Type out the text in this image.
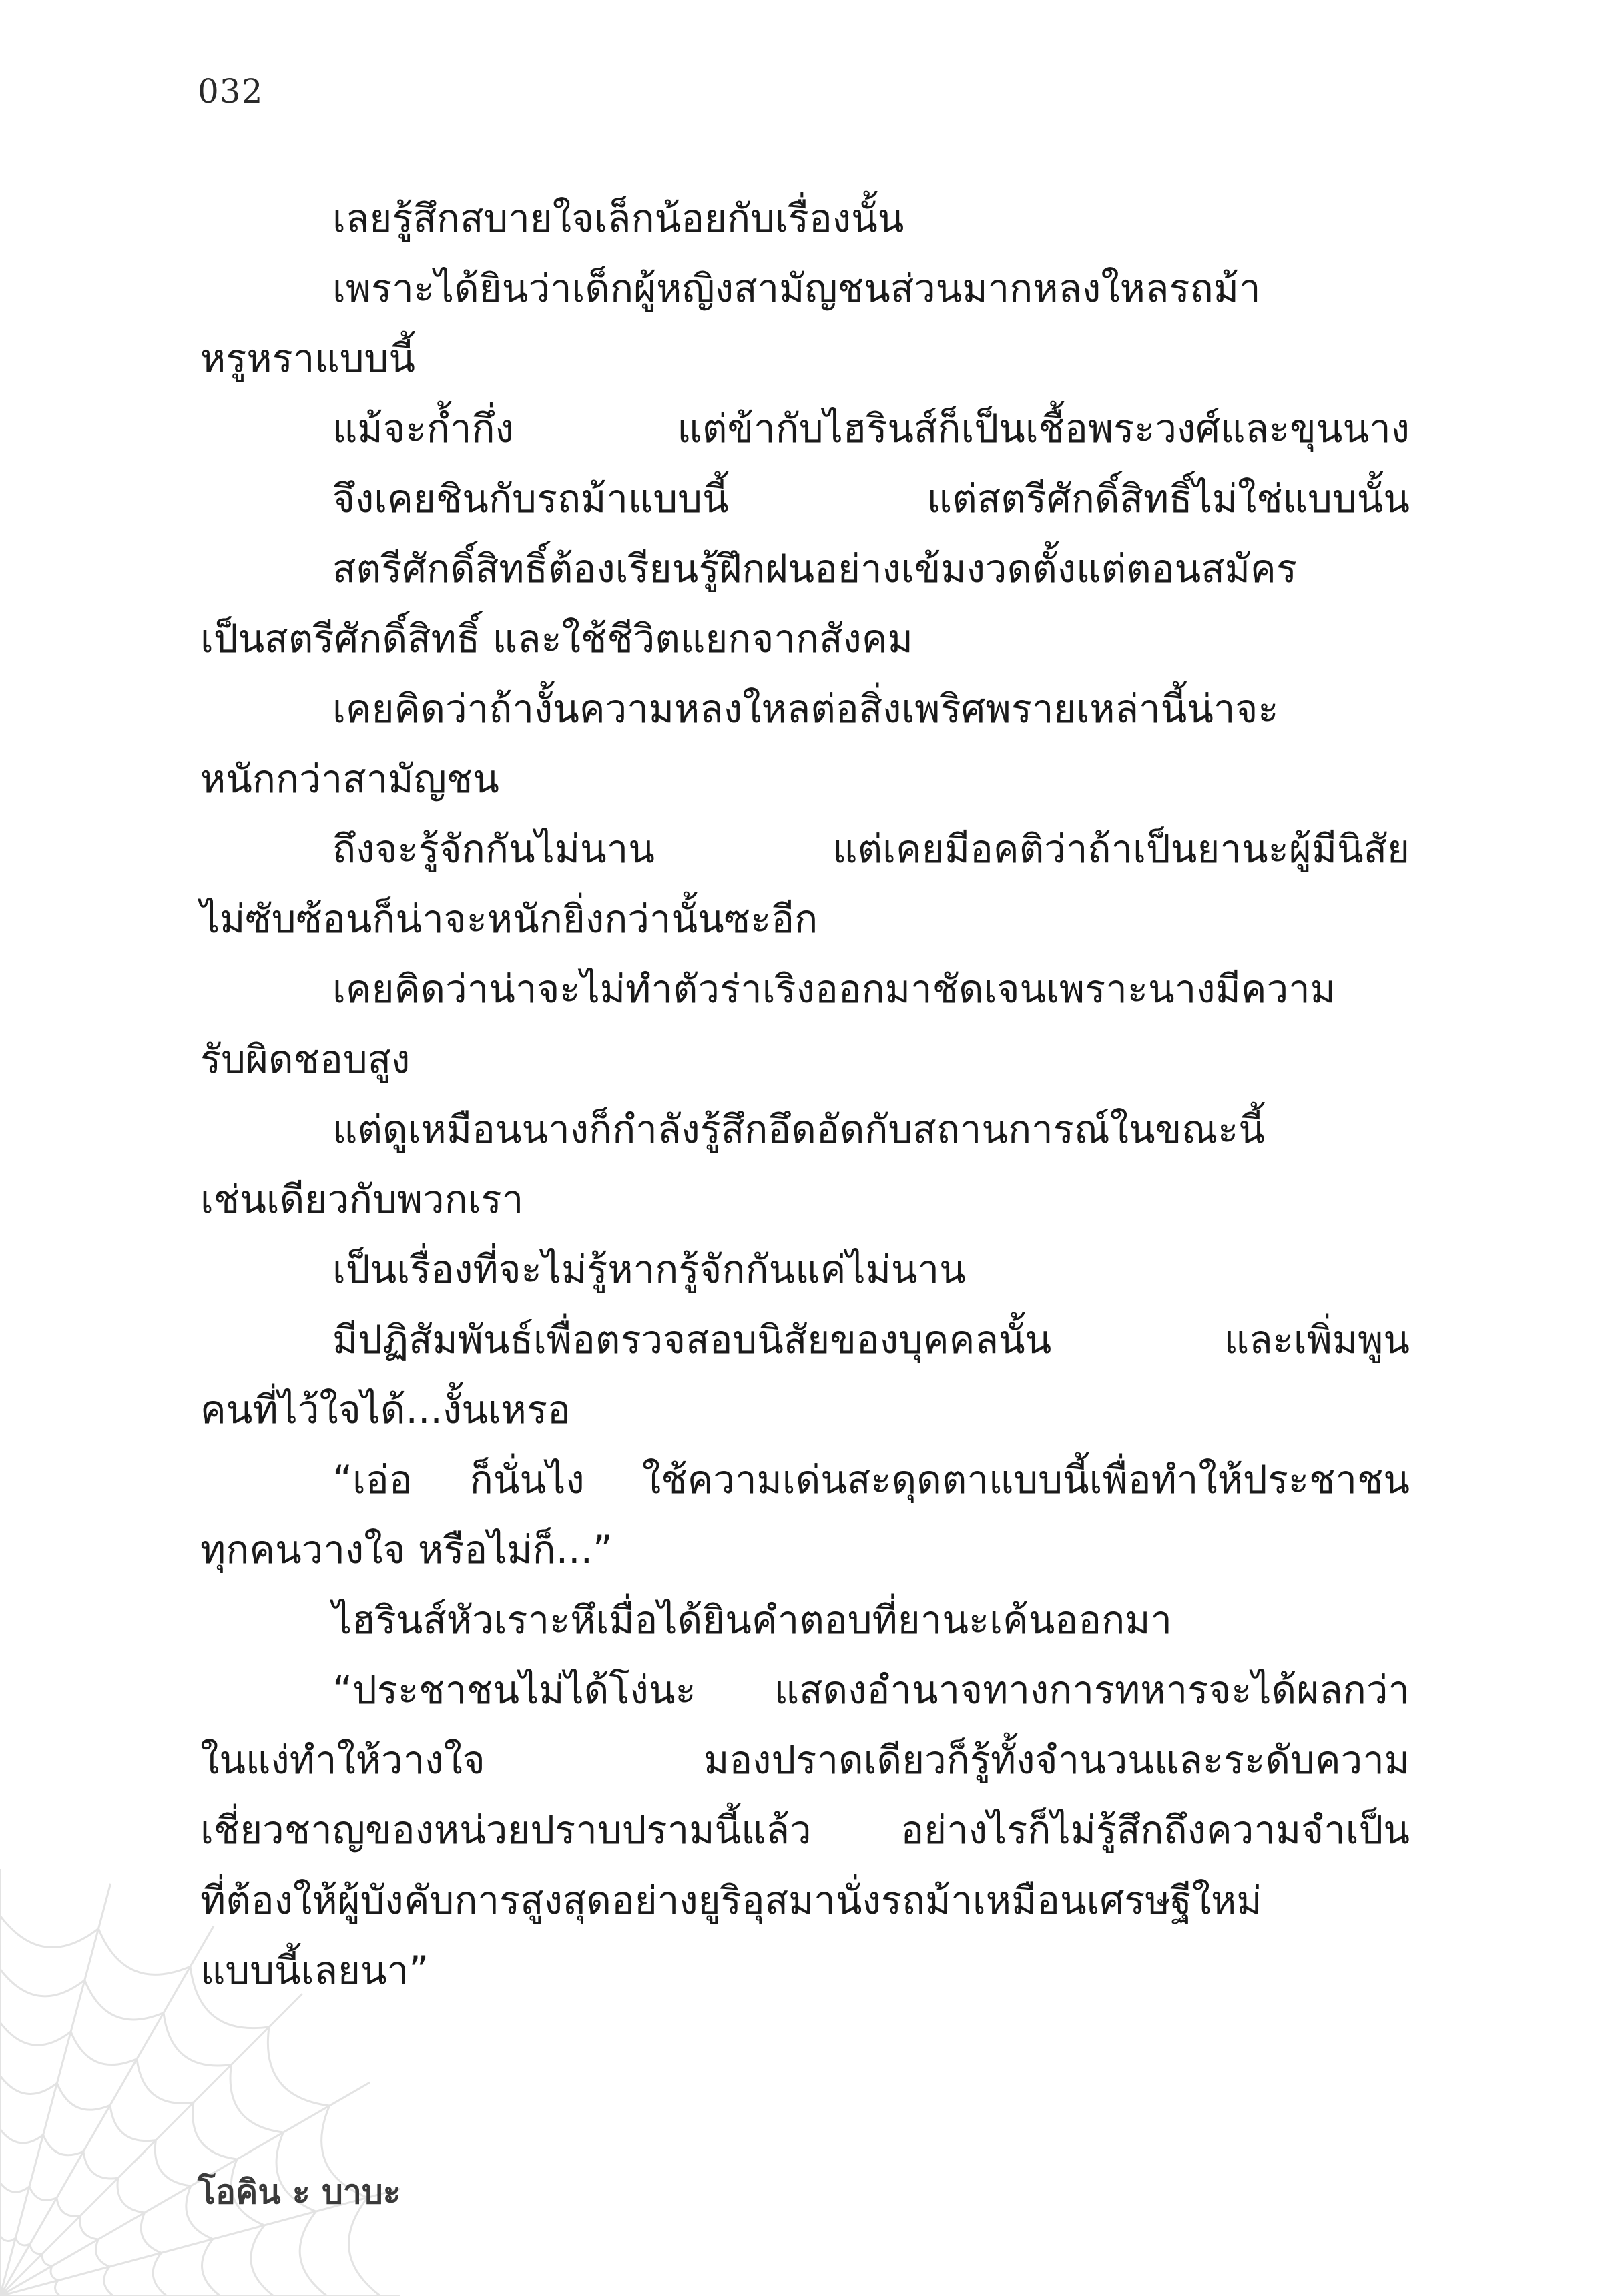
032
เลยรู้สึกสบายใจเล็กน้อยกับเรื่องนั้น
เพราะได้ยินว่าเด็กผู้หญิงสามัญชนส่วนมากหลงใหลรถม้า
หรูหราแบบนี้
แม้จะก้ำกึ่ง แต่ข้ากับไฮรินส์ก็เป็นเชื้อพระวงศ์และขุนนาง
จึงเคยชินกับรถม้าแบบนี้ แต่สตรีศักดิ์สิทธิ์ไม่ใช่แบบนั้น
สตรีศักดิ์สิทธิ์ต้องเรียนรู้ฝึกฝนอย่างเข้มงวดตั้งแต่ตอนสมัคร
เป็นสตรีศักดิ์สิทธิ์ และใช้ชีวิตแยกจากสังคม
เคยคิดว่าถ้างั้นความหลงใหลต่อสิ่งเพริศพรายเหล่านี้น่าจะ
หนักกว่าสามัญชน
ถึงจะรู้จักกันไม่นาน แต่เคยมีอคติว่าถ้าเป็นยานะผู้มีนิสัย
ไม่ซับซ้อนก็น่าจะหนักยิ่งกว่านั้นซะอีก
เคยคิดว่าน่าจะไม่ทำตัวร่าเริงออกมาชัดเจนเพราะนางมีความ
รับผิดชอบสูง
แต่ดูเหมือนนางก็กำลังรู้สึกอึดอัดกับสถานการณ์ในขณะนี้
เช่นเดียวกับพวกเรา
เป็นเรื่องที่จะไม่รู้หากรู้จักกันแค่ไม่นาน
มีปฏิสัมพันธ์เพื่อตรวจสอบนิสัยของบุคคลนั้น และเพิ่มพูน
คนที่ไว้ใจได้...งั้นเหรอ
“เอ่อ ก็นั่นไง ใช้ความเด่นสะดุดตาแบบนี้เพื่อทำให้ประชาชน
ทุกคนวางใจ หรือไม่ก็...”
ไฮรินส์หัวเราะหึเมื่อได้ยินคำตอบที่ยานะเค้นออกมา
“ประชาชนไม่ได้โง่นะ แสดงอำนาจทางการทหารจะได้ผลกว่า
ในแง่ทำให้วางใจ มองปราดเดียวก็รู้ทั้งจำนวนและระดับความ
เชี่ยวชาญของหน่วยปราบปรามนี้แล้ว อย่างไรก็ไม่รู้สึกถึงความจำเป็น
ที่ต้องให้ผู้บังคับการสูงสุดอย่างยูริอุสมานั่งรถม้าเหมือนเศรษฐีใหม่
แบบนี้เลยนา”
โอคิน ะ บาบะ
